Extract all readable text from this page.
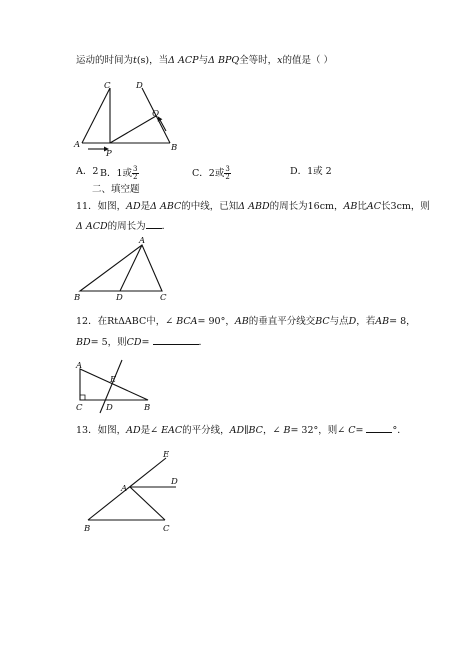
运动的时间为t(s)，当Δ ACP与Δ BPQ全等时，x的值是（ ）
C	D
Q
A	B
P
A．2 B．1或 $\frac{3}{2}$	C．2或 $\frac{3}{2}$	D．1或 2
二、填空题
11．如图，AD是Δ ABC的中线，已知Δ ABD的周长为16cm，AB比AC长3cm，则
Δ ACD的周长为 ．
A
B	D	C
12．在RtΔABC中，∠ BCA= 90°，AB的垂直平分线交BC与点D，若AB= 8，
BD= 5，则CD=	．
A
E
C	D	B
13．如图，AD是∠ EAC的平分线，AD∥BC，∠ B= 32°，则∠ C=	°．
E
A
D
B	C
